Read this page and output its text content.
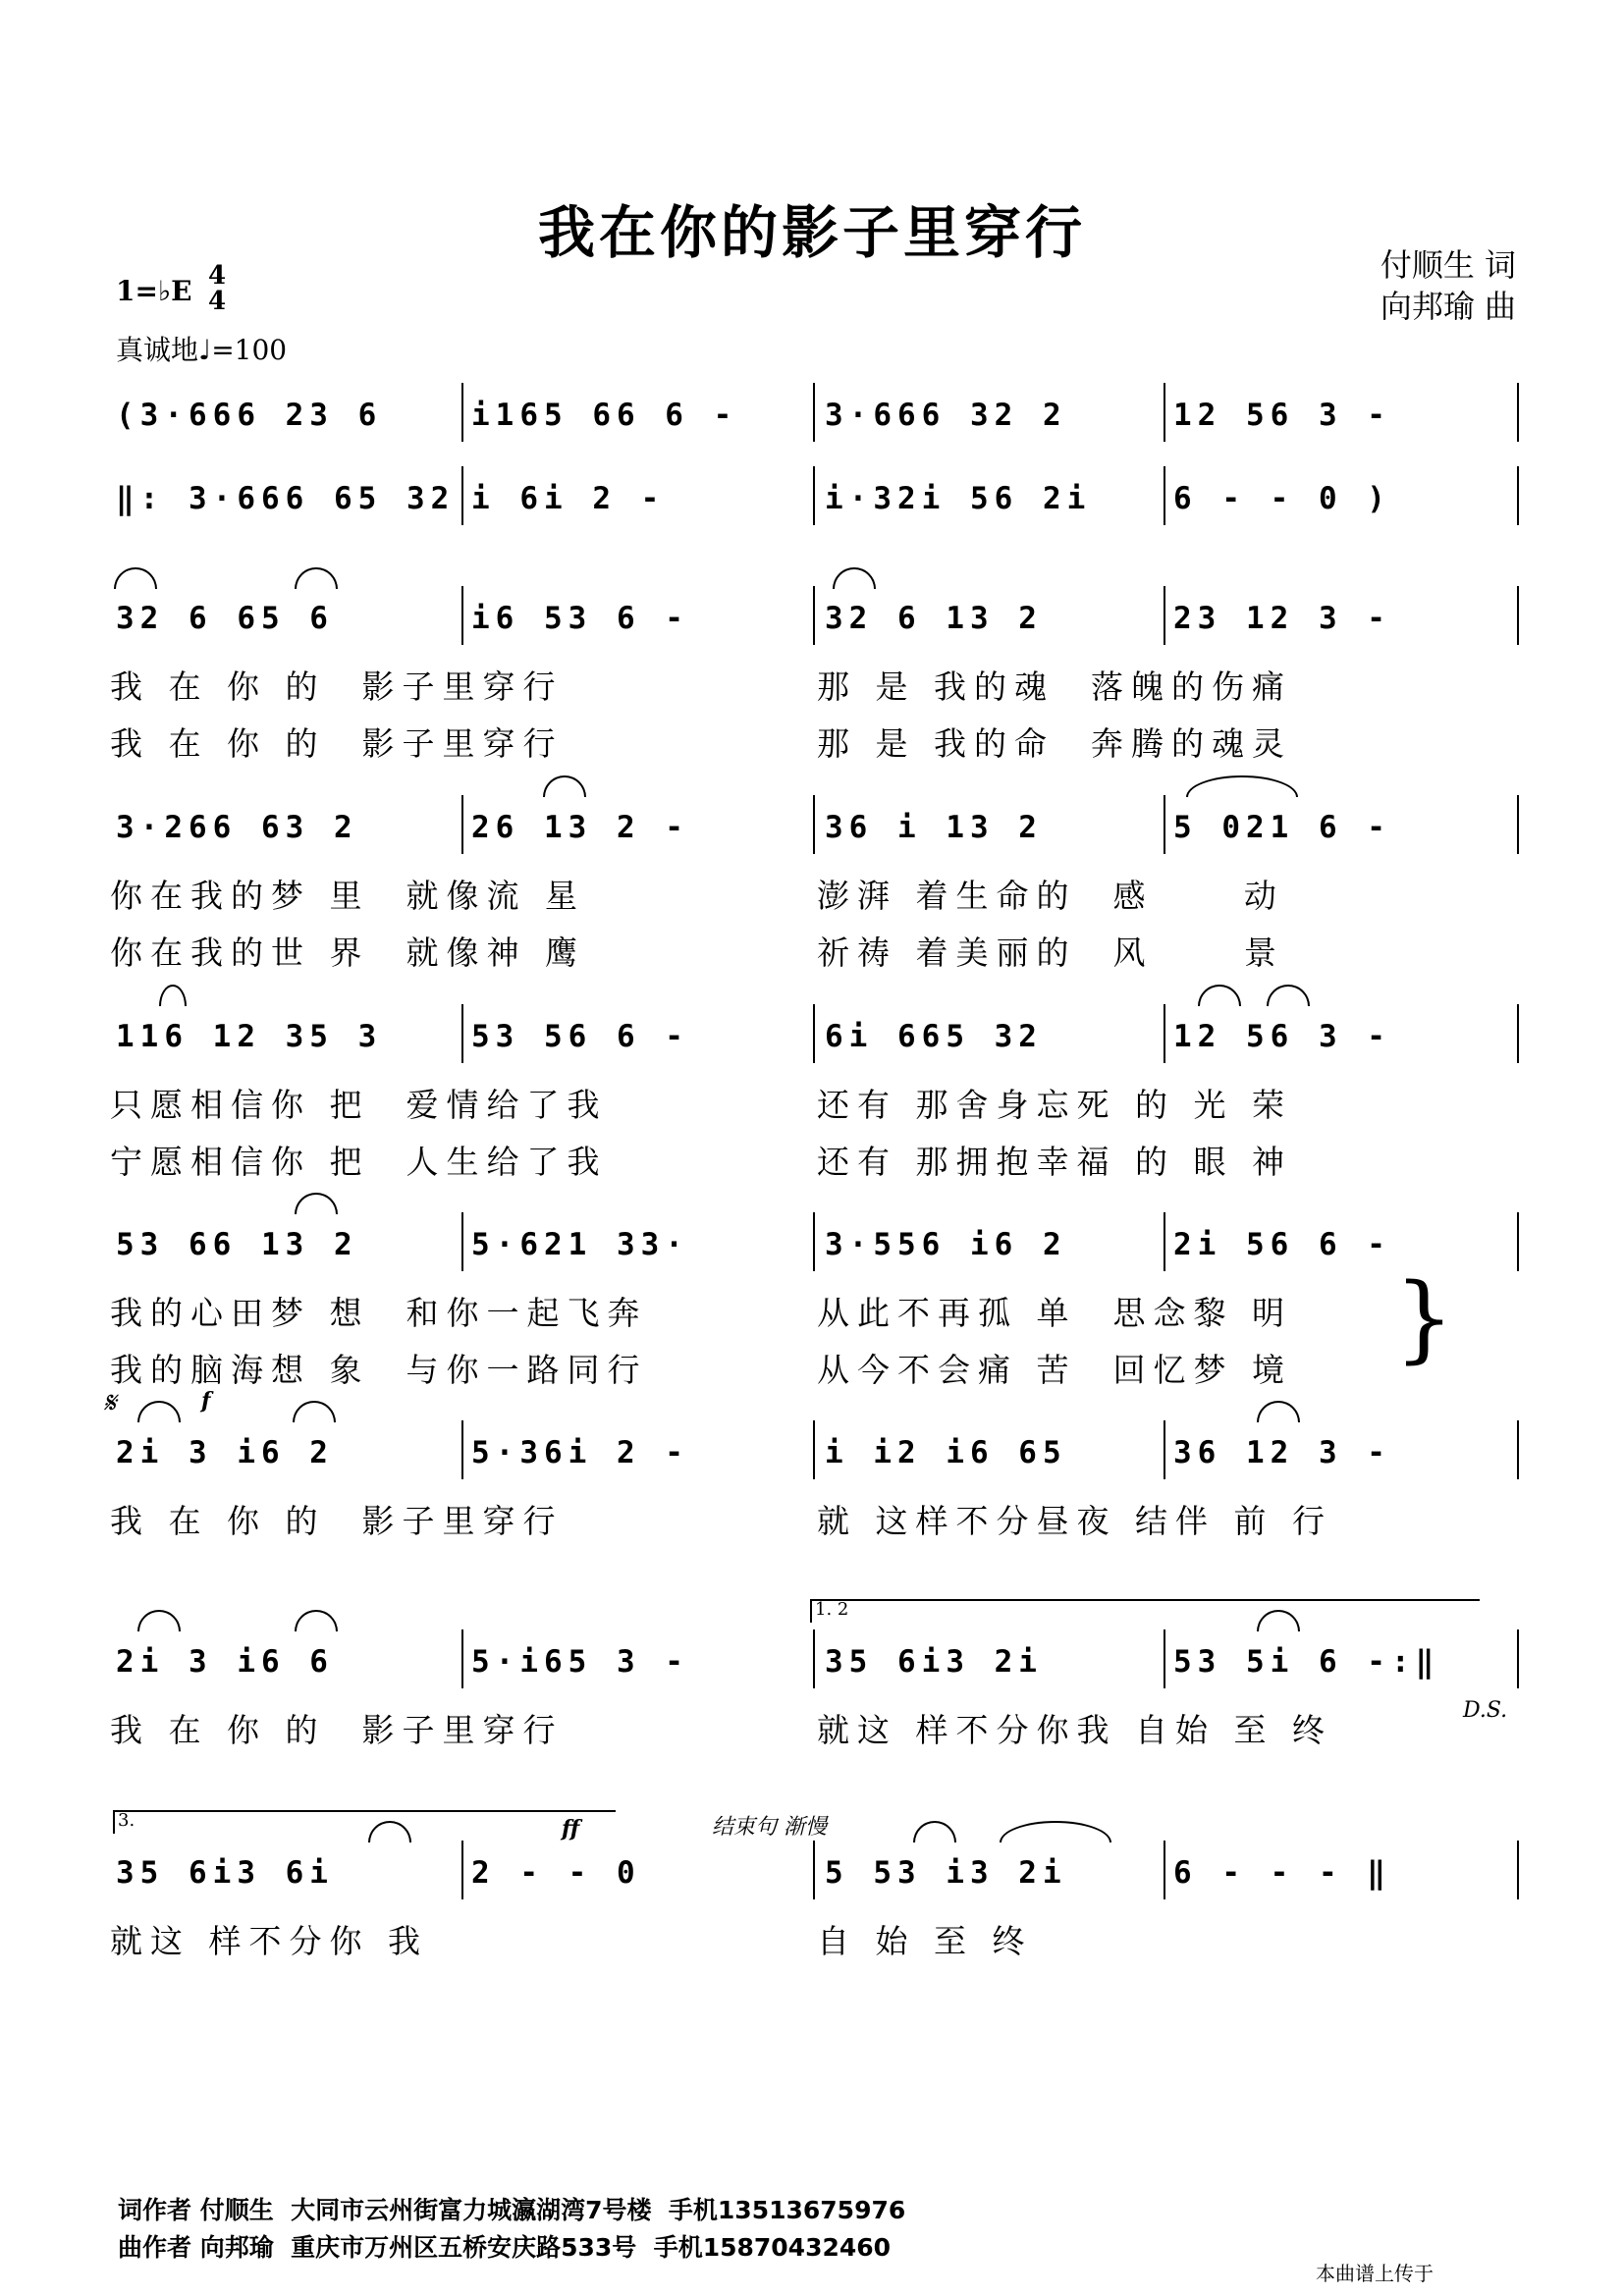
我在你的影子里穿行	付顺生 词
向邦瑜 曲
1=♭E 4
4
真诚地♩=100
(3·666 23 6	i165 66 6 -	3·666 32 2	12 56 3 -
‖: 3·666 65 32 i 6i 2 -	i·32i 56 2i	6 - - 0 )
32 6 65 6	i6 53 6 -	32 6 13 2	23 12 3 -
我 在 你 的  影子里穿行	那 是 我的魂  落魄的伤痛
我 在 你 的  影子里穿行	那 是 我的命  奔腾的魂灵
3·266 63 2	26 13 2 -	36 i 13 2	5 021 6 -
你在我的梦 里  就像流 星	澎湃 着生命的  感     动
你在我的世 界  就像神 鹰	祈祷 着美丽的  风     景
116 12 35 3	53 56 6 -	6i 665 32	12 56 3 -
只愿相信你 把  爱情给了我	还有 那舍身忘死 的 光 荣
宁愿相信你 把  人生给了我	还有 那拥抱幸福 的 眼 神
53 66 13 2	5·621 33·	3·556 i6 2	2i 56 6 -
我的心田梦 想  和你一起飞奔	从此不再孤 单  思念黎 明
我的脑海想 象  与你一路同行	从今不会痛 苦  回忆梦 境 }
2i 3 i6 2	5·36i 2 -	i i2 i6 65	36 12 3 -
我 在 你 的  影子里穿行	就 这样不分昼夜 结伴 前 行
𝄋	f
2i 3 i6 6	5·i65 3 -	35 6i3 2i	53 5i 6 -:‖
我 在 你 的  影子里穿行	就这 样不分你我 自始 至 终
1. 2
D.S.
35 6i3 6i	2 - - 0	5 53 i3 2i	6 - - - ‖
就这 样不分你 我	自 始 至 终
3.	ff	结束句 渐慢
词作者 付顺生  大同市云州街富力城瀛湖湾7号楼  手机13513675976
曲作者 向邦瑜  重庆市万州区五桥安庆路533号  手机15870432460
本曲谱上传于
